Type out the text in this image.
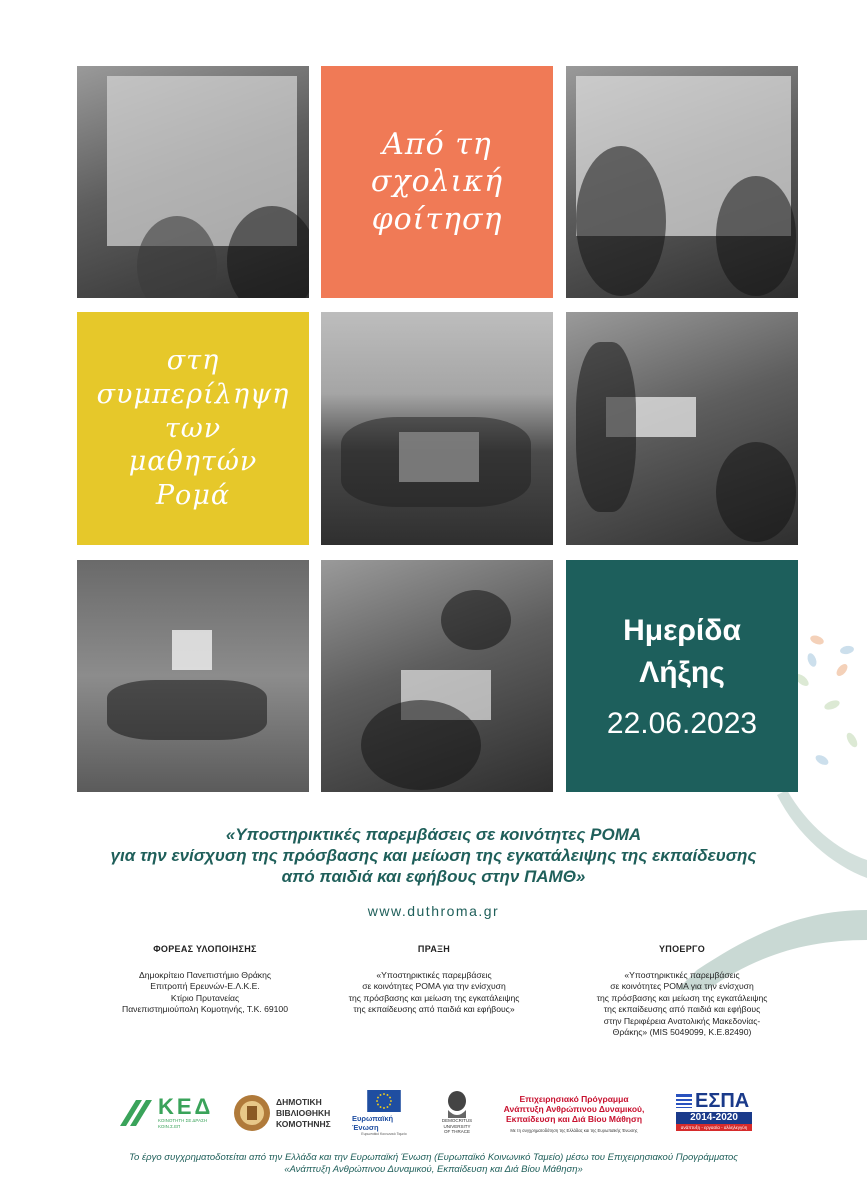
Από τη
σχολική
φοίτηση
στη
συμπερίληψη
των
μαθητών
Ρομά
Ημερίδα
Λήξης
22.06.2023
«Υποστηρικτικές παρεμβάσεις σε κοινότητες ΡΟΜΑ
για την ενίσχυση της πρόσβασης και μείωση της εγκατάλειψης της εκπαίδευσης
από παιδιά και εφήβους στην ΠΑΜΘ»
www.duthroma.gr
ΦΟΡΕΑΣ ΥΛΟΠΟΙΗΣΗΣ
Δημοκρίτειο Πανεπιστήμιο Θράκης
Επιτροπή Ερευνών-Ε.Λ.Κ.Ε.
Κτίριο Πρυτανείας
Πανεπιστημιούπολη Κομοτηνής, Τ.Κ. 69100
ΠΡΑΞΗ
«Υποστηρικτικές παρεμβάσεις
σε κοινότητες ΡΟΜΑ για την ενίσχυση
της πρόσβασης και μείωση της εγκατάλειψης
της εκπαίδευσης από παιδιά και εφήβους»
ΥΠΟΕΡΓΟ
«Υποστηρικτικές παρεμβάσεις
σε κοινότητες ΡΟΜΑ για την ενίσχυση
της πρόσβασης και μείωση της εγκατάλειψης
της εκπαίδευσης από παιδιά και εφήβους
στην Περιφέρεια Ανατολικής Μακεδονίας-
Θράκης» (MIS 5049099, Κ.Ε.82490)
ΚΕΔ
ΚΟΙΝΟΤΗΤΗ ΣΕ ΔΡΑΣΗ ΚΟΙΝ.Σ.ΕΠ
ΔΗΜΟΤΙΚΗ
ΒΙΒΛΙΟΘΗΚΗ
ΚΟΜΟΤΗΝΗΣ	Ευρωπαϊκή Ένωση
Ευρωπαϊκό Κοινωνικό Ταμείο
DEMOCRITUS
UNIVERSITY
OF THRACE
Επιχειρησιακό Πρόγραμμα
Ανάπτυξη Ανθρώπινου Δυναμικού,
Εκπαίδευση και Διά Βίου Μάθηση
Με τη συγχρηματοδότηση της Ελλάδας και της Ευρωπαϊκής Ένωσης
ΕΣΠΑ
2014-2020
ανάπτυξη - εργασία - αλληλεγγύη
Το έργο συγχρηματοδοτείται από την Ελλάδα και την Ευρωπαϊκή Ένωση (Ευρωπαϊκό Κοινωνικό Ταμείο) μέσω του Επιχειρησιακού Προγράμματος
«Ανάπτυξη Ανθρώπινου Δυναμικού, Εκπαίδευση και Διά Βίου Μάθηση»
